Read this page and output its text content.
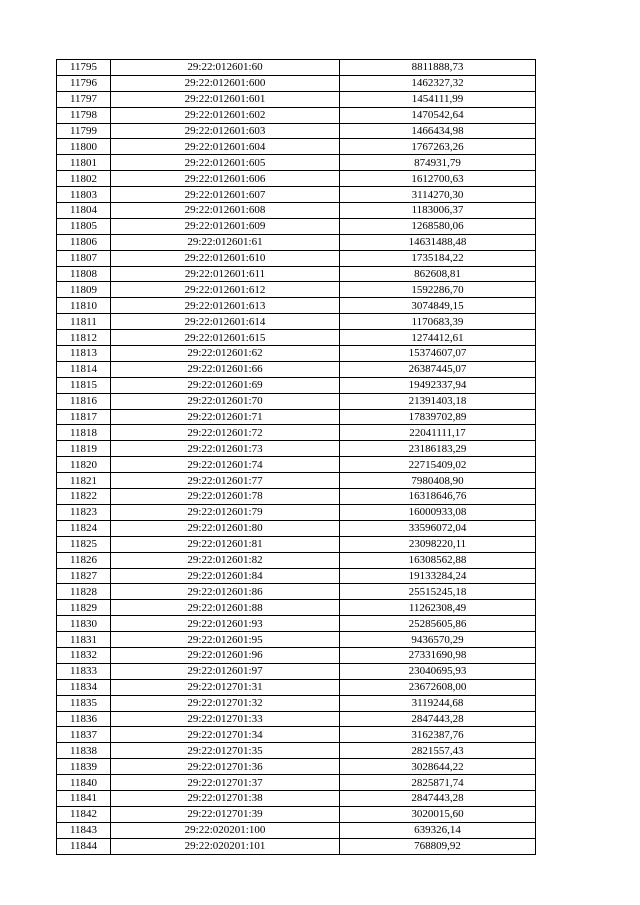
11795	29:22:012601:60	8811888,73
11796	29:22:012601:600	1462327,32
11797	29:22:012601:601	1454111,99
11798	29:22:012601:602	1470542,64
11799	29:22:012601:603	1466434,98
11800	29:22:012601:604	1767263,26
11801	29:22:012601:605	874931,79
11802	29:22:012601:606	1612700,63
11803	29:22:012601:607	3114270,30
11804	29:22:012601:608	1183006,37
11805	29:22:012601:609	1268580,06
11806	29:22:012601:61	14631488,48
11807	29:22:012601:610	1735184,22
11808	29:22:012601:611	862608,81
11809	29:22:012601:612	1592286,70
11810	29:22:012601:613	3074849,15
11811	29:22:012601:614	1170683,39
11812	29:22:012601:615	1274412,61
11813	29:22:012601:62	15374607,07
11814	29:22:012601:66	26387445,07
11815	29:22:012601:69	19492337,94
11816	29:22:012601:70	21391403,18
11817	29:22:012601:71	17839702,89
11818	29:22:012601:72	22041111,17
11819	29:22:012601:73	23186183,29
11820	29:22:012601:74	22715409,02
11821	29:22:012601:77	7980408,90
11822	29:22:012601:78	16318646,76
11823	29:22:012601:79	16000933,08
11824	29:22:012601:80	33596072,04
11825	29:22:012601:81	23098220,11
11826	29:22:012601:82	16308562,88
11827	29:22:012601:84	19133284,24
11828	29:22:012601:86	25515245,18
11829	29:22:012601:88	11262308,49
11830	29:22:012601:93	25285605,86
11831	29:22:012601:95	9436570,29
11832	29:22:012601:96	27331690,98
11833	29:22:012601:97	23040695,93
11834	29:22:012701:31	23672608,00
11835	29:22:012701:32	3119244,68
11836	29:22:012701:33	2847443,28
11837	29:22:012701:34	3162387,76
11838	29:22:012701:35	2821557,43
11839	29:22:012701:36	3028644,22
11840	29:22:012701:37	2825871,74
11841	29:22:012701:38	2847443,28
11842	29:22:012701:39	3020015,60
11843	29:22:020201:100	639326,14
11844	29:22:020201:101	768809,92
